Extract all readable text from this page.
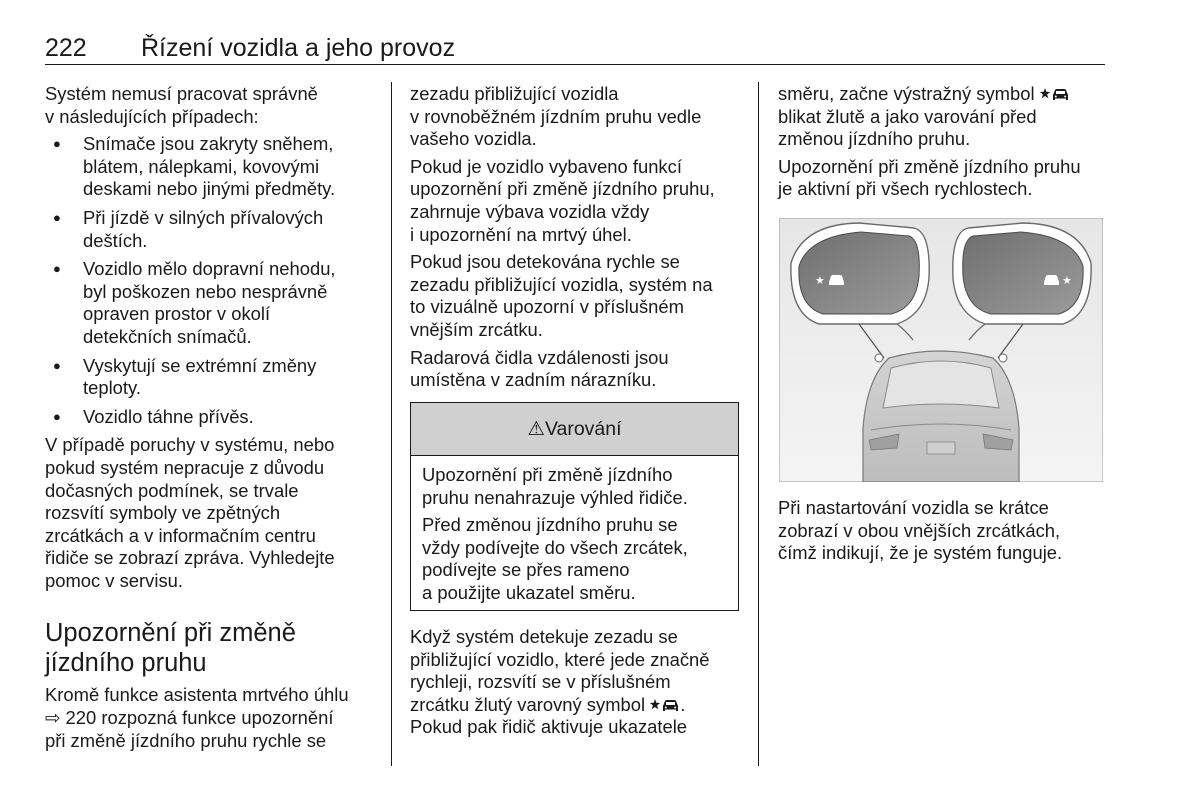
222 Řízení vozidla a jeho provoz

Systém nemusí pracovat správně
v následujících případech:

● Snímače jsou zakryty sněhem,
blátem, nálepkami, kovovými
deskami nebo jinými předměty.
● Při jízdě v silných přívalových
deštích.
● Vozidlo mělo dopravní nehodu,
byl poškozen nebo nesprávně
opraven prostor v okolí
detekčních snímačů.
● Vyskytují se extrémní změny
teploty.
● Vozidlo táhne přívěs.

V případě poruchy v systému, nebo
pokud systém nepracuje z důvodu
dočasných podmínek, se trvale
rozsvítí symboly ve zpětných
zrcátkách a v informačním centru
řidiče se zobrazí zpráva. Vyhledejte
pomoc v servisu.

Upozornění při změně
jízdního pruhu

Kromě funkce asistenta mrtvého úhlu
⇨ 220 rozpozná funkce upozornění
při změně jízdního pruhu rychle se

zezadu přibližující vozidla
v rovnoběžném jízdním pruhu vedle
vašeho vozidla.

Pokud je vozidlo vybaveno funkcí
upozornění při změně jízdního pruhu,
zahrnuje výbava vozidla vždy
i upozornění na mrtvý úhel.

Pokud jsou detekována rychle se
zezadu přibližující vozidla, systém na
to vizuálně upozorní v příslušném
vnějším zrcátku.

Radarová čidla vzdálenosti jsou
umístěna v zadním nárazníku.

⚠Varování

Upozornění při změně jízdního
pruhu nenahrazuje výhled řidiče.

Před změnou jízdního pruhu se
vždy podívejte do všech zrcátek,
podívejte se přes rameno
a použijte ukazatel směru.

Když systém detekuje zezadu se
přibližující vozidlo, které jede značně
rychleji, rozsvítí se v příslušném
zrcátku žlutý varovný symbol .
Pokud pak řidič aktivuje ukazatele

směru, začne výstražný symbol
blikat žlutě a jako varování před
změnou jízdního pruhu.

Upozornění při změně jízdního pruhu
je aktivní při všech rychlostech.

★	★

Při nastartování vozidla se krátce
zobrazí v obou vnějších zrcátkách,
čímž indikují, že je systém funguje.
